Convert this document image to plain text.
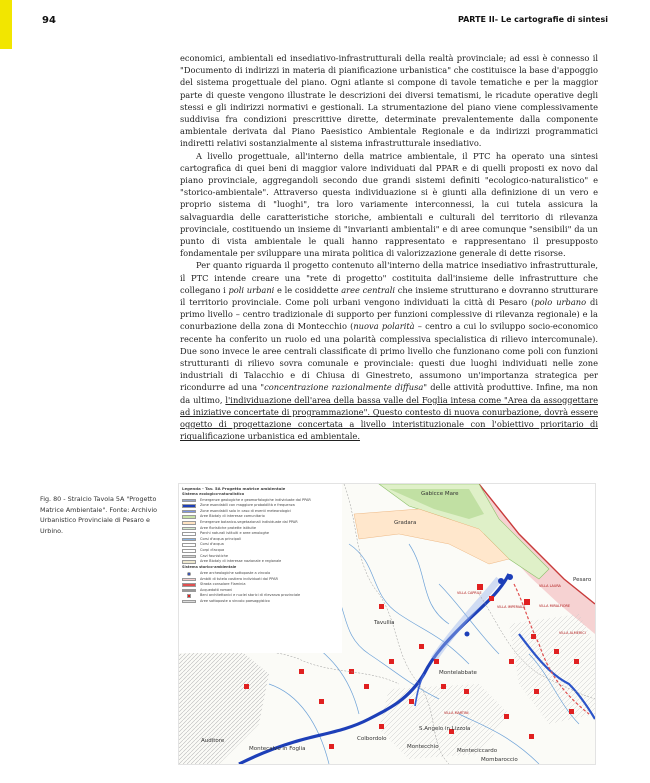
94	PARTE II- Le cartografie di sintesi

economici, ambientali ed insediativo-infrastrutturali della realtà provinciale; ad essi è connesso il "Documento di indirizzi in materia di pianificazione urbanistica" che costituisce la base d'appoggio del sistema progettuale del piano. Ogni atlante si compone di tavole tematiche e per la maggior parte di queste vengono illustrate le descrizioni dei diversi tematismi, le ricadute operative degli stessi e gli indirizzi normativi e gestionali. La strumentazione del piano viene complessivamente suddivisa fra condizioni prescrittive dirette, determinate prevalentemente dalla componente ambientale derivata dal Piano Paesistico Ambientale Regionale e da indirizzi programmatici indiretti relativi sostanzialmente al sistema infrastrutturale insediativo.

A livello progettuale, all'interno della matrice ambientale, il PTC ha operato una sintesi cartografica di quei beni di maggior valore individuati dal PPAR e di quelli proposti ex novo dal piano provinciale, aggregandoli secondo due grandi sistemi definiti "ecologico-naturalistico" e "storico-ambientale". Attraverso questa individuazione si è giunti alla definizione di un vero e proprio sistema di "luoghi", tra loro variamente interconnessi, la cui tutela assicura la salvaguardia delle caratteristiche storiche, ambientali e culturali del territorio di rilevanza provinciale, costituendo un insieme di "invarianti ambientali" e di aree comunque "sensibili" da un punto di vista ambientale le quali hanno rappresentato e rappresentano il presupposto fondamentale per sviluppare una mirata politica di valorizzazione generale di dette risorse.

Per quanto riguarda il progetto contenuto all'interno della matrice insediativo infrastrutturale, il PTC intende creare una "rete di progetto" costituita dall'insieme delle infrastrutture che collegano i poli urbani e le cosiddette aree centrali che insieme strutturano e dovranno strutturare il territorio provinciale. Come poli urbani vengono individuati la città di Pesaro (polo urbano di primo livello – centro tradizionale di supporto per funzioni complessive di rilevanza regionale) e la conurbazione della zona di Montecchio (nuova polarità – centro a cui lo sviluppo socio-economico recente ha conferito un ruolo ed una polarità complessiva specialistica di rilievo intercomunale). Due sono invece le aree centrali classificate di primo livello che funzionano come poli con funzioni strutturanti di rilievo sovra comunale e provinciale: questi due luoghi individuati nelle zone industriali di Talacchio e di Chiusa di Ginestreto, assumono un'importanza strategica per ricondurre ad una "concentrazione razionalmente diffusa" delle attività produttive. Infine, ma non da ultimo, l'individuazione dell'area della bassa valle del Foglia intesa come "Area da assoggettare ad iniziative concertate di programmazione". Questo contesto di nuova conurbazione, dovrà essere oggetto di progettazione concertata a livello interistituzionale con l'obiettivo prioritario di riqualificazione urbanistica ed ambientale.

Fig. 80 - Stralcio Tavola 5A "Progetto Matrice Ambientale". Fonte: Archivio Urbanistico Provinciale di Pesaro e Urbino.
Gabicce Mare
Gradara
Pesaro
Tavullia
Colbordolo
Montelabbate
S.Angelo in Lizzola
Montecchio
Monteciccardo
Auditore
Montecalvo in Foglia
Mombaroccio
VILLA LAURA
VILLA MIRALFIORE
VILLA IMPERIALE
VILLA CAPRILE
VILLA ALMERICI
VILLA MARTINI
Legenda - Tav. 5A Progetto matrice ambientale
Sistema ecologico-naturalistico
Emergenze geologiche e geomorfologiche individuate dal PPAR
Zone esondabili con maggiore probabilità e frequenza
Zone esondabili solo in caso di eventi meteorologici
Aree Biotaly di interesse comunitario
Emergenze botanico-vegetazionali individuate dal PPAR
Aree floristiche protette istituite
Parchi naturali istituiti e aree omologhe
Corsi d'acqua principali
Corsi d'acqua
Corpi d'acqua
Cavi faunistiche
Aree Biotaly di interesse nazionale e regionale
Sistema storico-ambientale
Aree archeologiche sottoposte a vincolo
Ambiti di tutela costiera individuati dal PPAR
Strada consolare Flaminia
Acquedotti romani
Beni architettonici e nuclei storici di rilevanza provinciale
Aree sottoposte a vincolo paesaggistico
